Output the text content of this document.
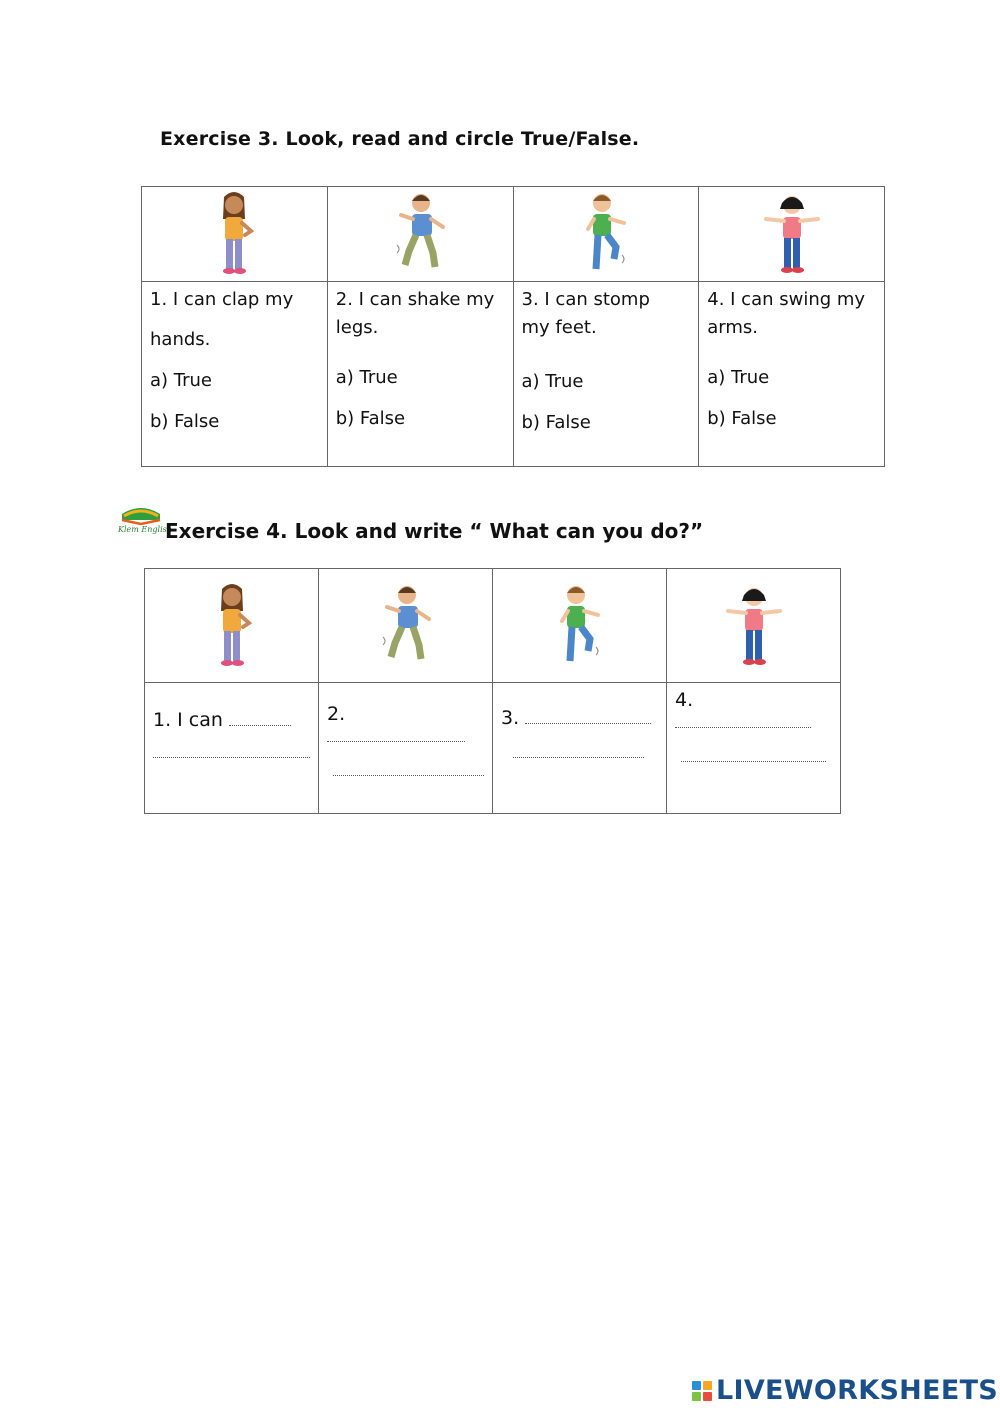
Exercise 3. Look, read and circle True/False.

1. I can clap my
hands.
a) True
b) False	2. I can shake my
legs.
a) True
b) False	3. I can stomp
my feet.
a) True
b) False	4. I can swing my
arms.
a) True
b) False
Klem English
Exercise 4. Look and write “ What can you do?”

1. I can	2.	3.	4.
LIVEWORKSHEETS
